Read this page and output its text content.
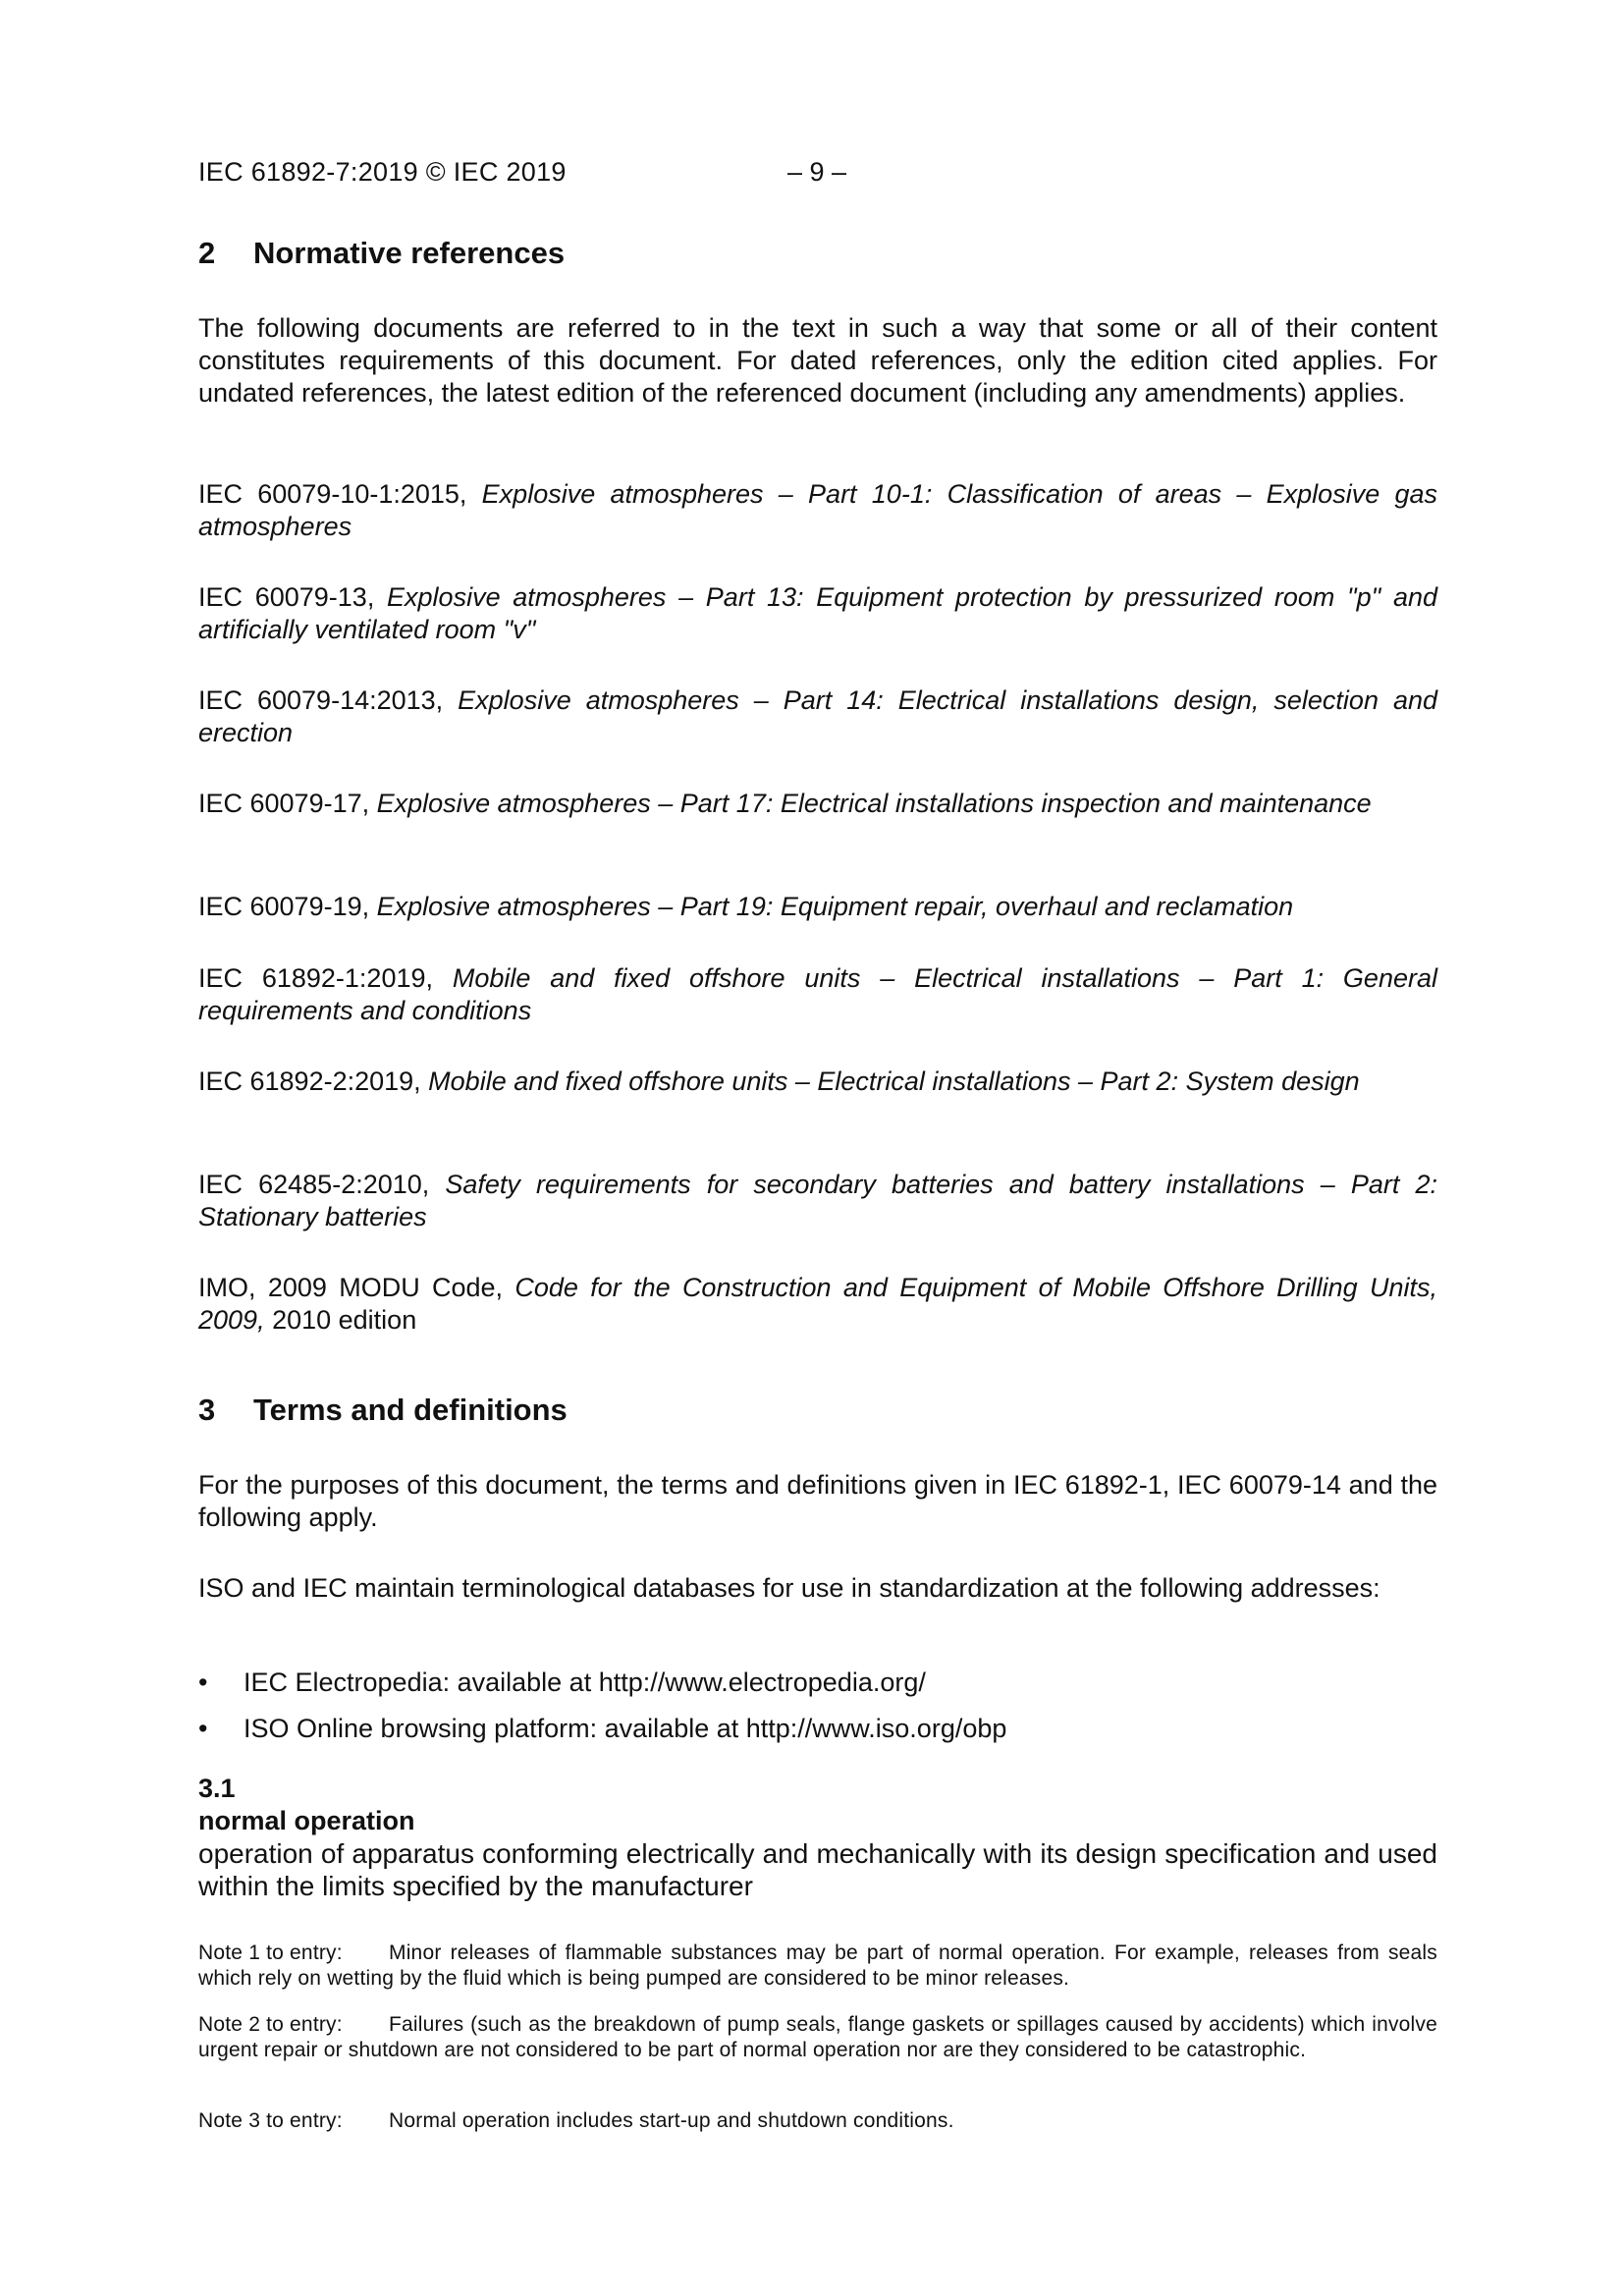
IEC 61892-7:2019 © IEC 2019	– 9 –
2 Normative references
The following documents are referred to in the text in such a way that some or all of their content constitutes requirements of this document. For dated references, only the edition cited applies. For undated references, the latest edition of the referenced document (including any amendments) applies.
IEC 60079-10-1:2015, Explosive atmospheres – Part 10-1: Classification of areas – Explosive gas atmospheres
IEC 60079-13, Explosive atmospheres – Part 13: Equipment protection by pressurized room "p" and artificially ventilated room "v"
IEC 60079-14:2013, Explosive atmospheres – Part 14: Electrical installations design, selection and erection
IEC 60079-17, Explosive atmospheres – Part 17: Electrical installations inspection and maintenance
IEC 60079-19, Explosive atmospheres – Part 19: Equipment repair, overhaul and reclamation
IEC 61892-1:2019, Mobile and fixed offshore units – Electrical installations – Part 1: General requirements and conditions
IEC 61892-2:2019, Mobile and fixed offshore units – Electrical installations – Part 2: System design
IEC 62485-2:2010, Safety requirements for secondary batteries and battery installations – Part 2: Stationary batteries
IMO, 2009 MODU Code, Code for the Construction and Equipment of Mobile Offshore Drilling Units, 2009, 2010 edition
3 Terms and definitions
For the purposes of this document, the terms and definitions given in IEC 61892-1, IEC 60079-14 and the following apply.
ISO and IEC maintain terminological databases for use in standardization at the following addresses:
• IEC Electropedia: available at http://www.electropedia.org/
• ISO Online browsing platform: available at http://www.iso.org/obp
3.1
normal operation
operation of apparatus conforming electrically and mechanically with its design specification and used within the limits specified by the manufacturer
Note 1 to entry: Minor releases of flammable substances may be part of normal operation. For example, releases from seals which rely on wetting by the fluid which is being pumped are considered to be minor releases.
Note 2 to entry: Failures (such as the breakdown of pump seals, flange gaskets or spillages caused by accidents) which involve urgent repair or shutdown are not considered to be part of normal operation nor are they considered to be catastrophic.
Note 3 to entry: Normal operation includes start-up and shutdown conditions.
